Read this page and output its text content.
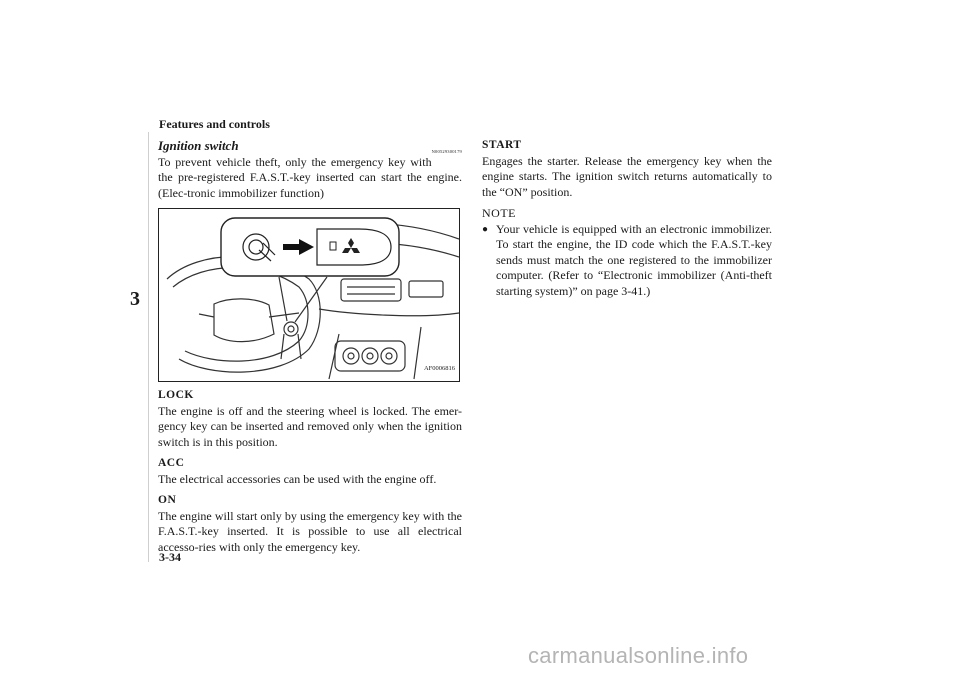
Features and controls
3
N00529300179
Ignition switch

To prevent vehicle theft, only the emergency key with the pre-registered F.A.S.T.-key inserted can start the engine. (Elec-tronic immobilizer function)

AF0006816
LOCK

The engine is off and the steering wheel is locked. The emer-gency key can be inserted and removed only when the ignition switch is in this position.

ACC

The electrical accessories can be used with the engine off.

ON

The engine will start only by using the emergency key with the F.A.S.T.-key inserted. It is possible to use all electrical accesso-ries with only the emergency key.

START

Engages the starter. Release the emergency key when the engine starts. The ignition switch returns automatically to the “ON” position.

NOTE
● Your vehicle is equipped with an electronic immobilizer. To start the engine, the ID code which the F.A.S.T.-key sends must match the one registered to the immobilizer computer. (Refer to “Electronic immobilizer (Anti-theft starting system)” on page 3-41.)
3-34
carmanualsonline.info
